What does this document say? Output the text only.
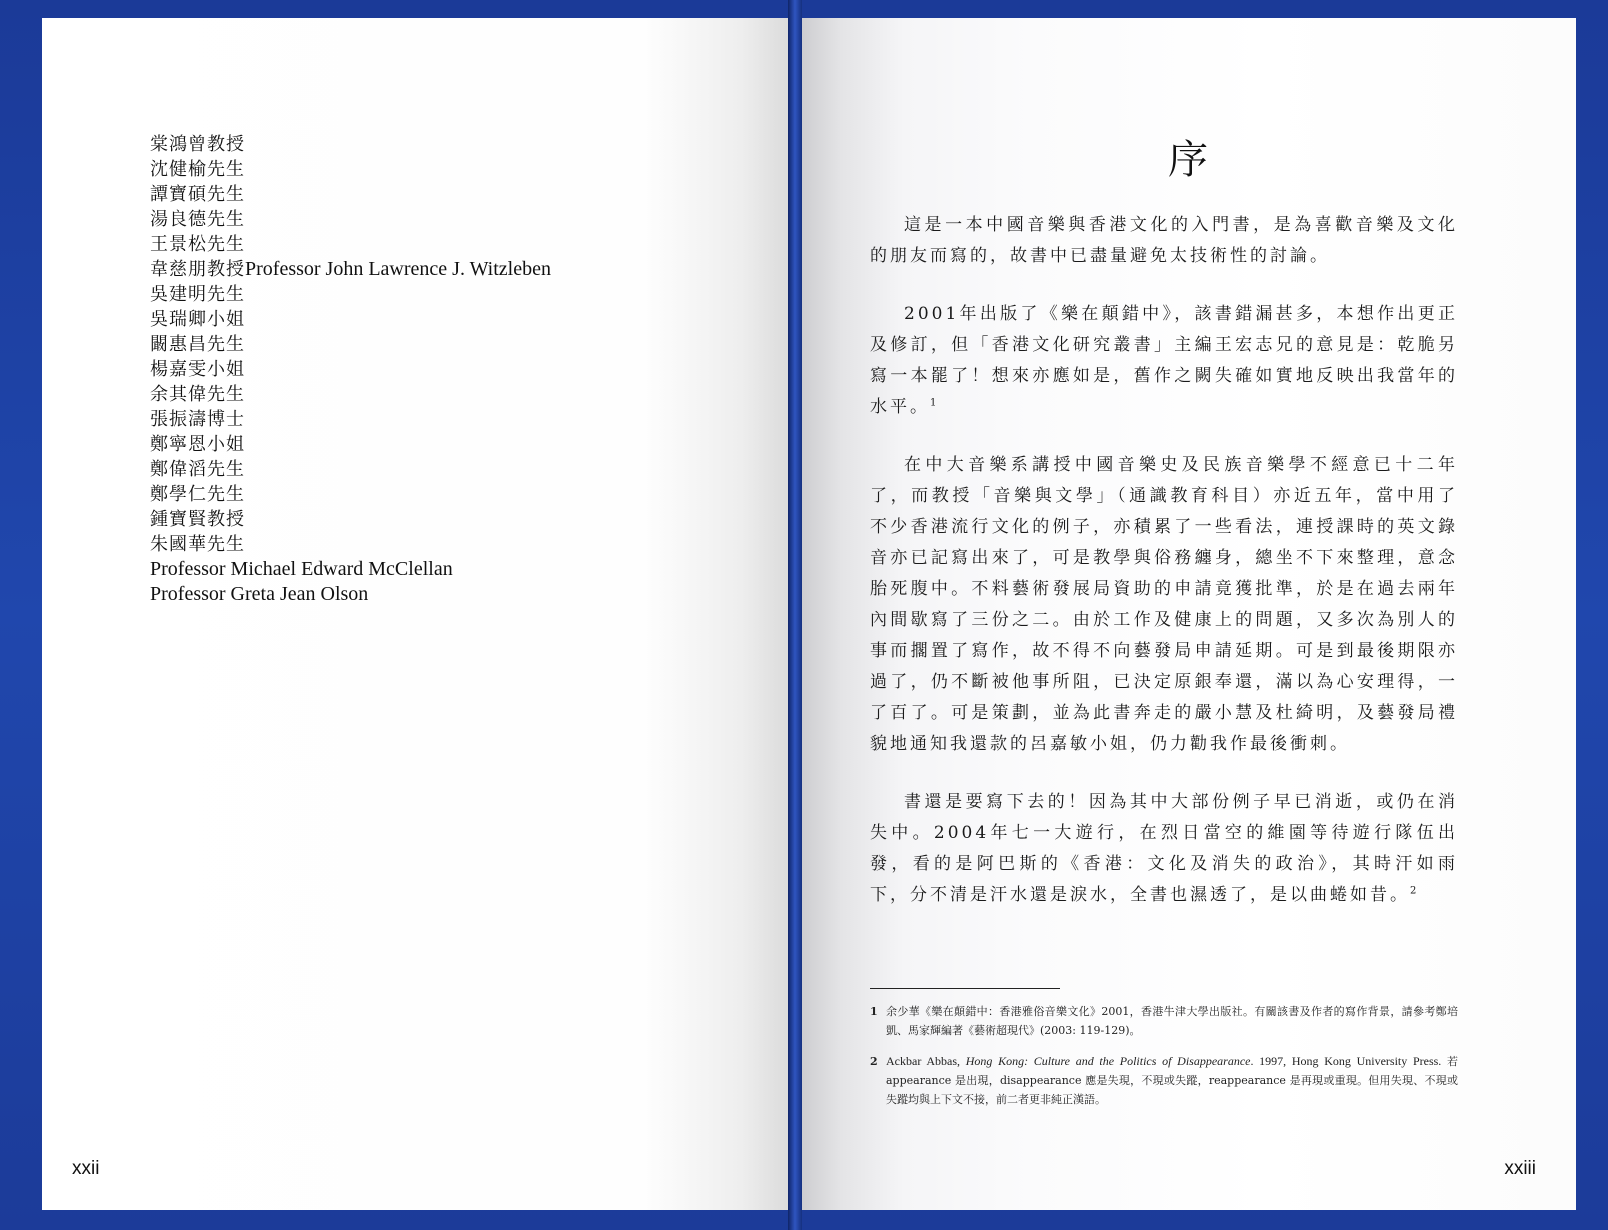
棠鴻曾教授
沈健榆先生
譚寶碩先生
湯良德先生
王景松先生
韋慈朋教授Professor John Lawrence J. Witzleben
吳建明先生
吳瑞卿小姐
闞惠昌先生
楊嘉雯小姐
余其偉先生
張振濤博士
鄭寧恩小姐
鄭偉滔先生
鄭學仁先生
鍾寶賢教授
朱國華先生
Professor Michael Edward McClellan
Professor Greta Jean Olson
xxii
序

這是一本中國音樂與香港文化的入門書，是為喜歡音樂及文化的朋友而寫的，故書中已盡量避免太技術性的討論。

2001年出版了《樂在顛錯中》，該書錯漏甚多，本想作出更正及修訂，但「香港文化研究叢書」主編王宏志兄的意見是：乾脆另寫一本罷了！想來亦應如是，舊作之闕失確如實地反映出我當年的水平。$^1$

在中大音樂系講授中國音樂史及民族音樂學不經意已十二年了，而教授「音樂與文學」（通識教育科目）亦近五年，當中用了不少香港流行文化的例子，亦積累了一些看法，連授課時的英文錄音亦已記寫出來了，可是教學與俗務纏身，總坐不下來整理，意念胎死腹中。不料藝術發展局資助的申請竟獲批準，於是在過去兩年內間歇寫了三份之二。由於工作及健康上的問題，又多次為別人的事而擱置了寫作，故不得不向藝發局申請延期。可是到最後期限亦過了，仍不斷被他事所阻，已決定原銀奉還，滿以為心安理得，一了百了。可是策劃，並為此書奔走的嚴小慧及杜綺明，及藝發局禮貌地通知我還款的呂嘉敏小姐，仍力勸我作最後衝刺。

書還是要寫下去的！因為其中大部份例子早已消逝，或仍在消失中。2004年七一大遊行，在烈日當空的維園等待遊行隊伍出發，看的是阿巴斯的《香港：文化及消失的政治》，其時汗如雨下，分不清是汗水還是淚水，全書也濕透了，是以曲蜷如昔。$^2$

1 余少華《樂在顛錯中：香港雅俗音樂文化》2001，香港牛津大學出版社。有關該書及作者的寫作背景，請參考鄭培凱、馬家輝編著《藝術超現代》(2003: 119-129)。

2 Ackbar Abbas, Hong Kong: Culture and the Politics of Disappearance. 1997, Hong Kong University Press. 若 appearance 是出現，disappearance 應是失現，不現或失蹤，reappearance 是再現或重現。但用失現、不現或失蹤均與上下文不接，前二者更非純正漢語。

xxiii
